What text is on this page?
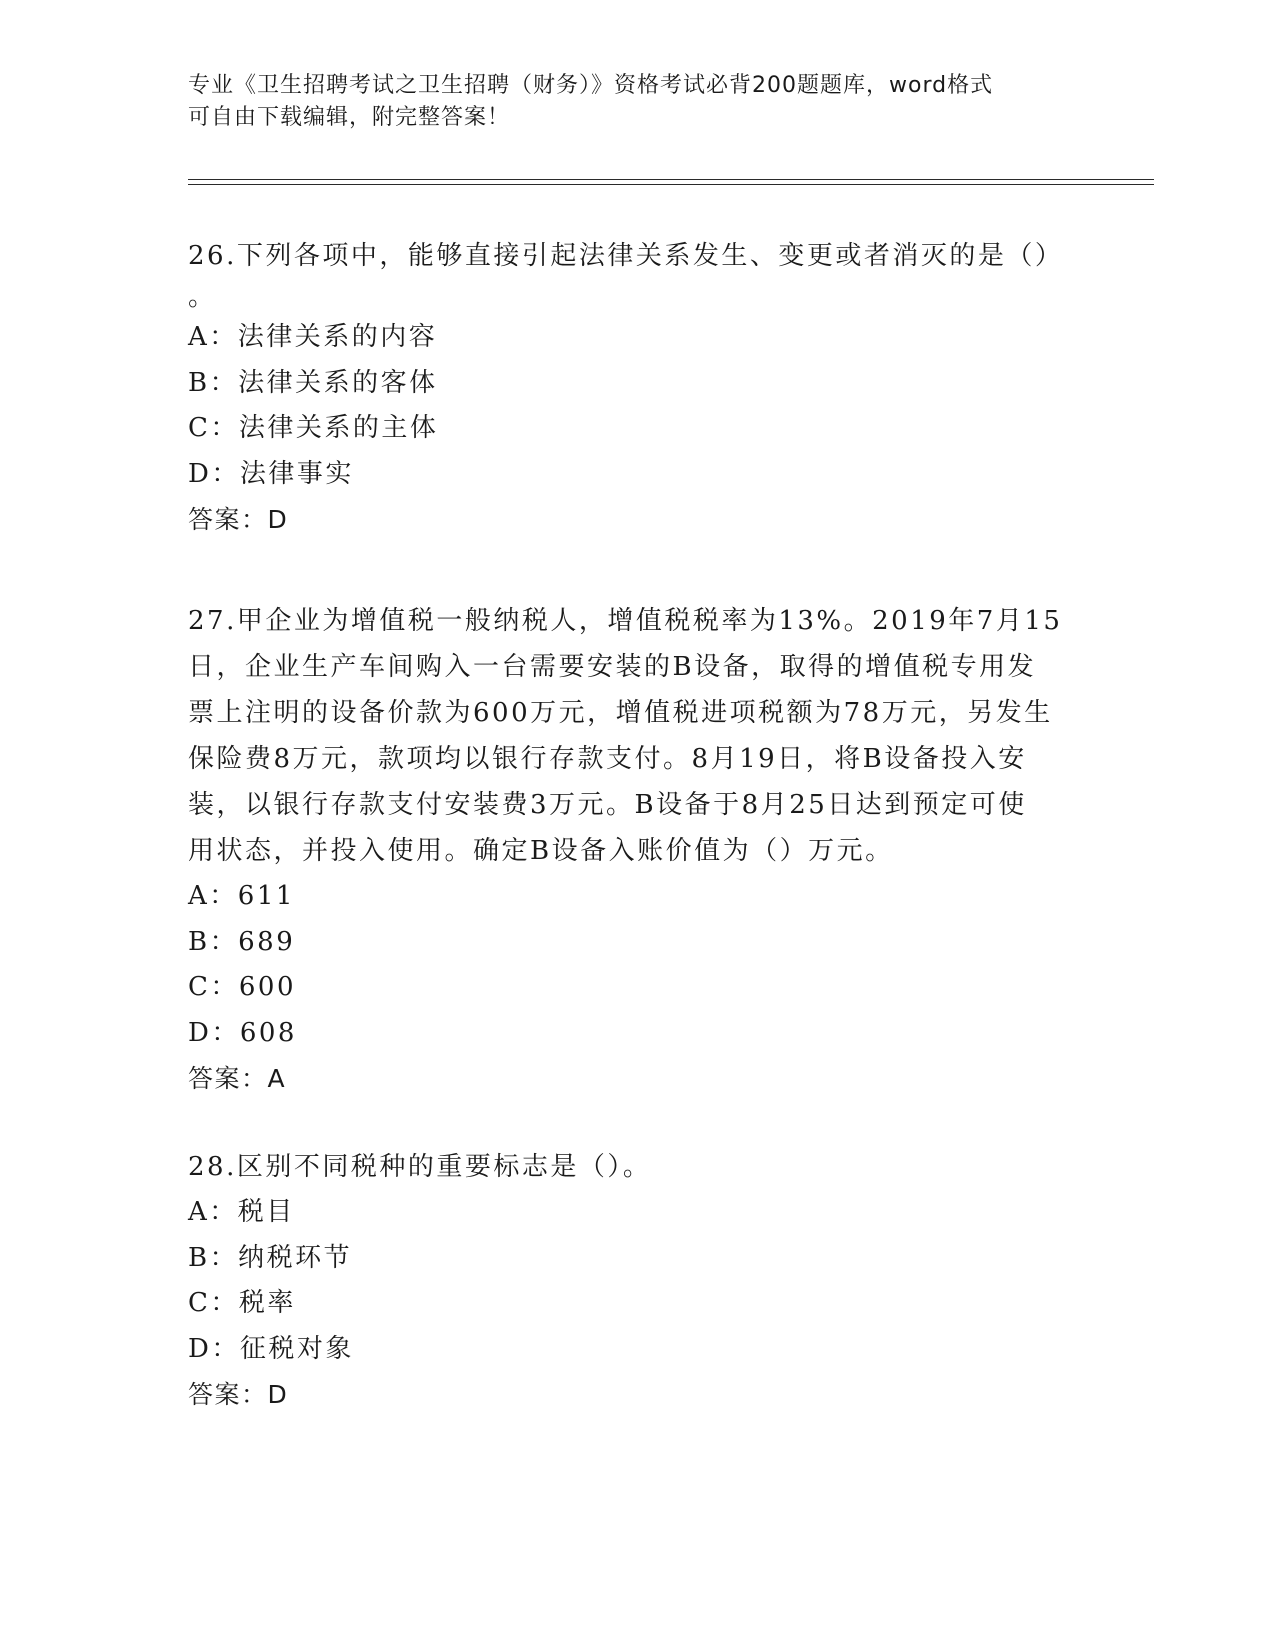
专业《卫生招聘考试之卫生招聘（财务）》资格考试必背200题题库，word格式
可自由下载编辑，附完整答案！
26.下列各项中，能够直接引起法律关系发生、变更或者消灭的是（）
。
A：法律关系的内容
B：法律关系的客体
C：法律关系的主体
D：法律事实
答案：D
27.甲企业为增值税一般纳税人，增值税税率为13%。2019年7月15
日，企业生产车间购入一台需要安装的B设备，取得的增值税专用发
票上注明的设备价款为600万元，增值税进项税额为78万元，另发生
保险费8万元，款项均以银行存款支付。8月19日，将B设备投入安
装，以银行存款支付安装费3万元。B设备于8月25日达到预定可使
用状态，并投入使用。确定B设备入账价值为（）万元。
A：611
B：689
C：600
D：608
答案：A
28.区别不同税种的重要标志是（）。
A：税目
B：纳税环节
C：税率
D：征税对象
答案：D
